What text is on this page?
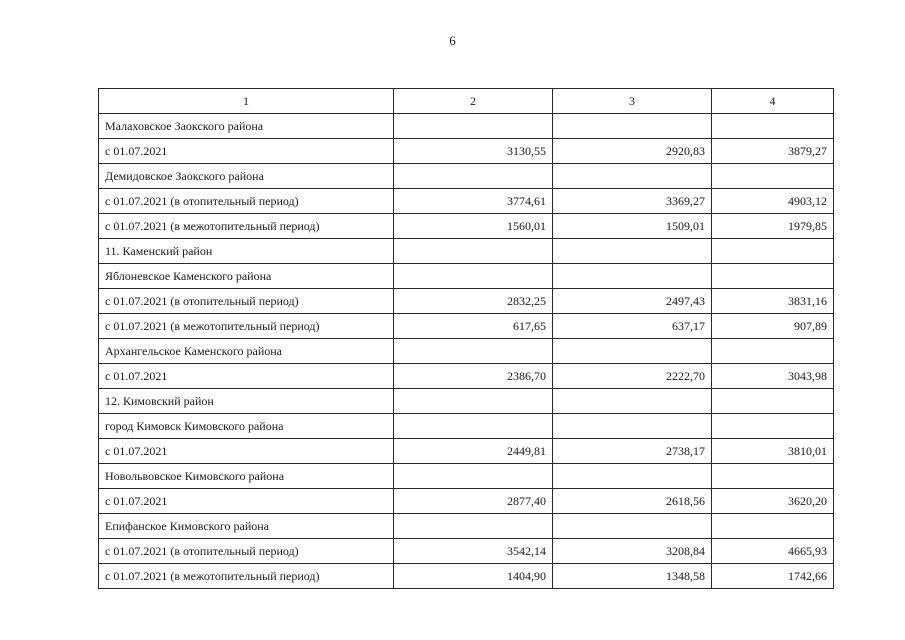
6
1	2	3	4
Малаховское Заокского района			
с 01.07.2021	3130,55	2920,83	3879,27
Демидовское Заокского района			
с 01.07.2021 (в отопительный период)	3774,61	3369,27	4903,12
с 01.07.2021 (в межотопительный период)	1560,01	1509,01	1979,85
11. Каменский район			
Яблоневское Каменского района			
с 01.07.2021 (в отопительный период)	2832,25	2497,43	3831,16
с 01.07.2021 (в межотопительный период)	617,65	637,17	907,89
Архангельское Каменского района			
с 01.07.2021	2386,70	2222,70	3043,98
12. Кимовский район			
город Кимовск Кимовского района			
с 01.07.2021	2449,81	2738,17	3810,01
Новольвовское Кимовского района			
с 01.07.2021	2877,40	2618,56	3620,20
Епифанское Кимовского района			
с 01.07.2021 (в отопительный период)	3542,14	3208,84	4665,93
с 01.07.2021 (в межотопительный период)	1404,90	1348,58	1742,66
